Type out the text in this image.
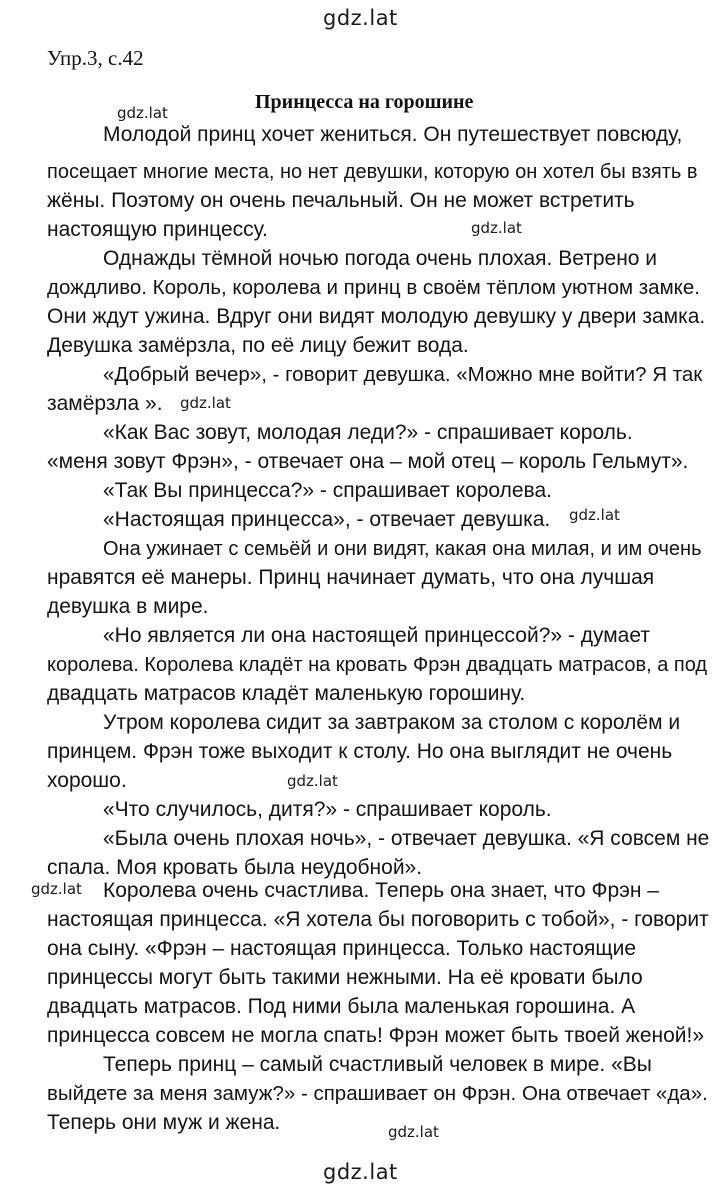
gdz.lat
Упр.3, с.42
gdz.lat	Принцесса на горошине
Молодой принц хочет жениться. Он путешествует повсюду,
посещает многие места, но нет девушки, которую он хотел бы взять в
жёны. Поэтому он очень печальный. Он не может встретить
настоящую принцессу.	gdz.lat
Однажды тёмной ночью погода очень плохая. Ветрено и
дождливо. Король, королева и принц в своём тёплом уютном замке.
Они ждут ужина. Вдруг они видят молодую девушку у двери замка.
Девушка замёрзла, по её лицу бежит вода.
«Добрый вечер», - говорит девушка. «Можно мне войти? Я так
замёрзла ». gdz.lat
«Как Вас зовут, молодая леди?» - спрашивает король.
«меня зовут Фрэн», - отвечает она – мой отец – король Гельмут».
«Так Вы принцесса?» - спрашивает королева.
«Настоящая принцесса», - отвечает девушка. gdz.lat
Она ужинает с семьёй и они видят, какая она милая, и им очень
нравятся её манеры. Принц начинает думать, что она лучшая
девушка в мире.
«Но является ли она настоящей принцессой?» - думает
королева. Королева кладёт на кровать Фрэн двадцать матрасов, а под
двадцать матрасов кладёт маленькую горошину.
Утром королева сидит за завтраком за столом с королём и
принцем. Фрэн тоже выходит к столу. Но она выглядит не очень
хорошо.	gdz.lat
«Что случилось, дитя?» - спрашивает король.
«Была очень плохая ночь», - отвечает девушка. «Я совсем не
спала. Моя кровать была неудобной».
gdz.lat Королева очень счастлива. Теперь она знает, что Фрэн –
настоящая принцесса. «Я хотела бы поговорить с тобой», - говорит
она сыну. «Фрэн – настоящая принцесса. Только настоящие
принцессы могут быть такими нежными. На её кровати было
двадцать матрасов. Под ними была маленькая горошина. А
принцесса совсем не могла спать! Фрэн может быть твоей женой!»
Теперь принц – самый счастливый человек в мире. «Вы
выйдете за меня замуж?» - спрашивает он Фрэн. Она отвечает «да».
Теперь они муж и жена.	gdz.lat
gdz.lat
